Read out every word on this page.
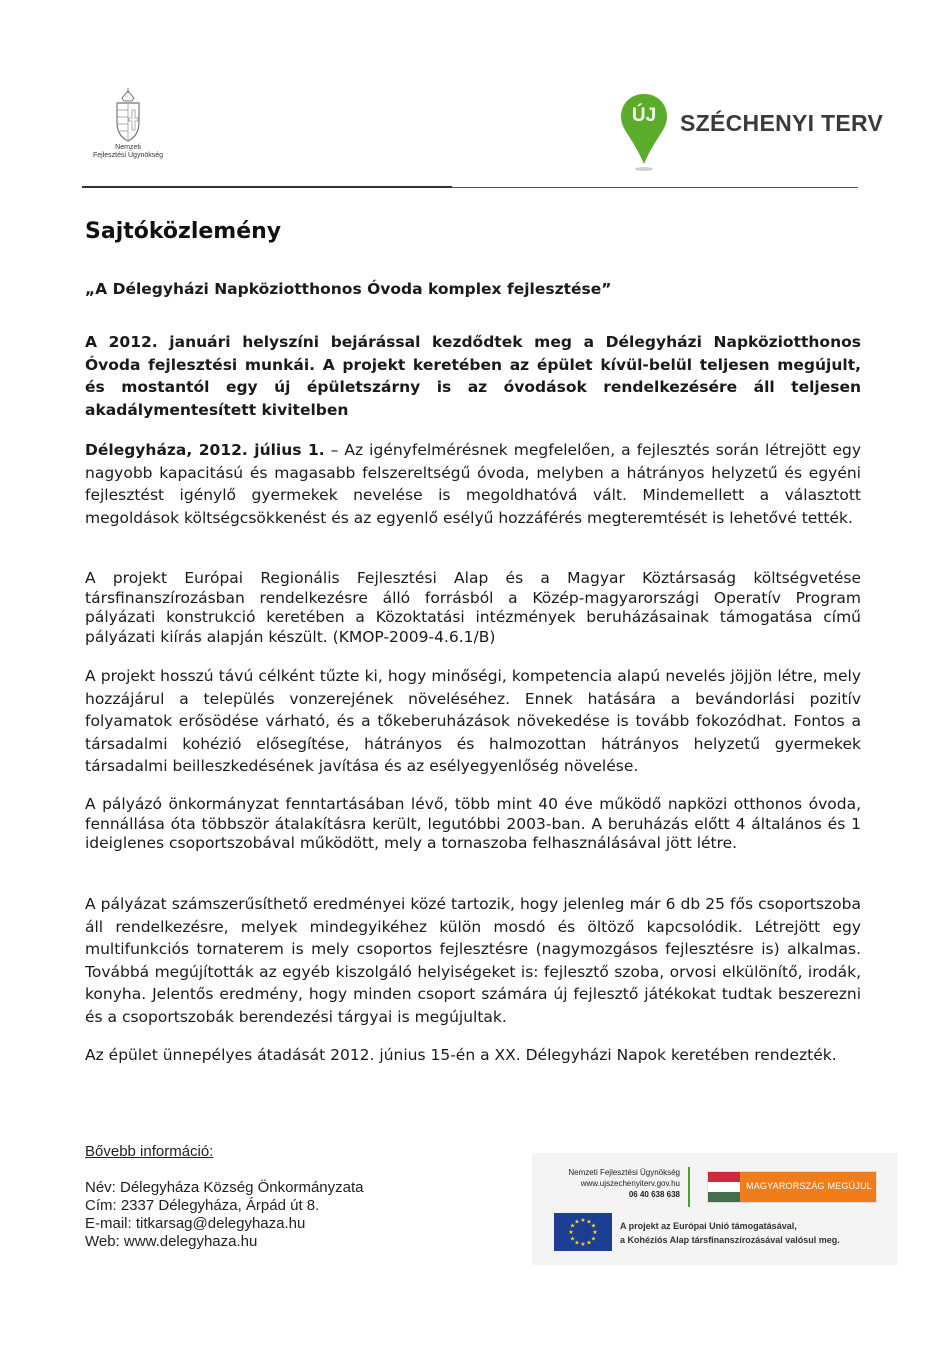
Nemzeti
Fejlesztési Ügynökség
ÚJ	SZÉCHENYI TERV
Sajtóközlemény
„A Délegyházi Napköziotthonos Óvoda komplex fejlesztése”
A 2012. januári helyszíni bejárással kezdődtek meg a Délegyházi Napköziotthonos Óvoda fejlesztési munkái. A projekt keretében az épület kívül-belül teljesen megújult, és mostantól egy új épületszárny is az óvodások rendelkezésére áll teljesen akadálymentesített kivitelben
Délegyháza, 2012. július 1. – Az igényfelmérésnek megfelelően, a fejlesztés során létrejött egy nagyobb kapacitású és magasabb felszereltségű óvoda, melyben a hátrányos helyzetű és egyéni fejlesztést igénylő gyermekek nevelése is megoldhatóvá vált. Mindemellett a választott megoldások költségcsökkenést és az egyenlő esélyű hozzáférés megteremtését is lehetővé tették.
A projekt Európai Regionális Fejlesztési Alap és a Magyar Köztársaság költségvetése társfinanszírozásban rendelkezésre álló forrásból a Közép-magyarországi Operatív Program pályázati konstrukció keretében a Közoktatási intézmények beruházásainak támogatása című pályázati kiírás alapján készült. (KMOP-2009-4.6.1/B)
A projekt hosszú távú célként tűzte ki, hogy minőségi, kompetencia alapú nevelés jöjjön létre, mely hozzájárul a település vonzerejének növeléséhez. Ennek hatására a bevándorlási pozitív folyamatok erősödése várható, és a tőkeberuházások növekedése is tovább fokozódhat. Fontos a társadalmi kohézió elősegítése, hátrányos és halmozottan hátrányos helyzetű gyermekek társadalmi beilleszkedésének javítása és az esélyegyenlőség növelése.
A pályázó önkormányzat fenntartásában lévő, több mint 40 éve működő napközi otthonos óvoda, fennállása óta többször átalakításra került, legutóbbi 2003-ban. A beruházás előtt 4 általános és 1 ideiglenes csoportszobával működött, mely a tornaszoba felhasználásával jött létre.
A pályázat számszerűsíthető eredményei közé tartozik, hogy jelenleg már 6 db 25 fős csoportszoba áll rendelkezésre, melyek mindegyikéhez külön mosdó és öltöző kapcsolódik. Létrejött egy multifunkciós tornaterem is mely csoportos fejlesztésre (nagymozgásos fejlesztésre is) alkalmas. Továbbá megújították az egyéb kiszolgáló helyiségeket is: fejlesztő szoba, orvosi elkülönítő, irodák, konyha. Jelentős eredmény, hogy minden csoport számára új fejlesztő játékokat tudtak beszerezni és a csoportszobák berendezési tárgyai is megújultak.
Az épület ünnepélyes átadását 2012. június 15-én a XX. Délegyházi Napok keretében rendezték.
Bővebb információ:
Név: Délegyháza Község Önkormányzata
Cím: 2337 Délegyháza, Árpád út 8.
E-mail: titkarsag@delegyhaza.hu
Web: www.delegyhaza.hu
Nemzeti Fejlesztési Ügynökség
www.ujszechenyiterv.gov.hu
06 40 638 638
MAGYARORSZÁG MEGÚJUL
★ ★
★
★
★
★
★
★
★
★
★
★	A projekt az Európai Unió támogatásával,
a Kohéziós Alap társfinanszírozásával valósul meg.
